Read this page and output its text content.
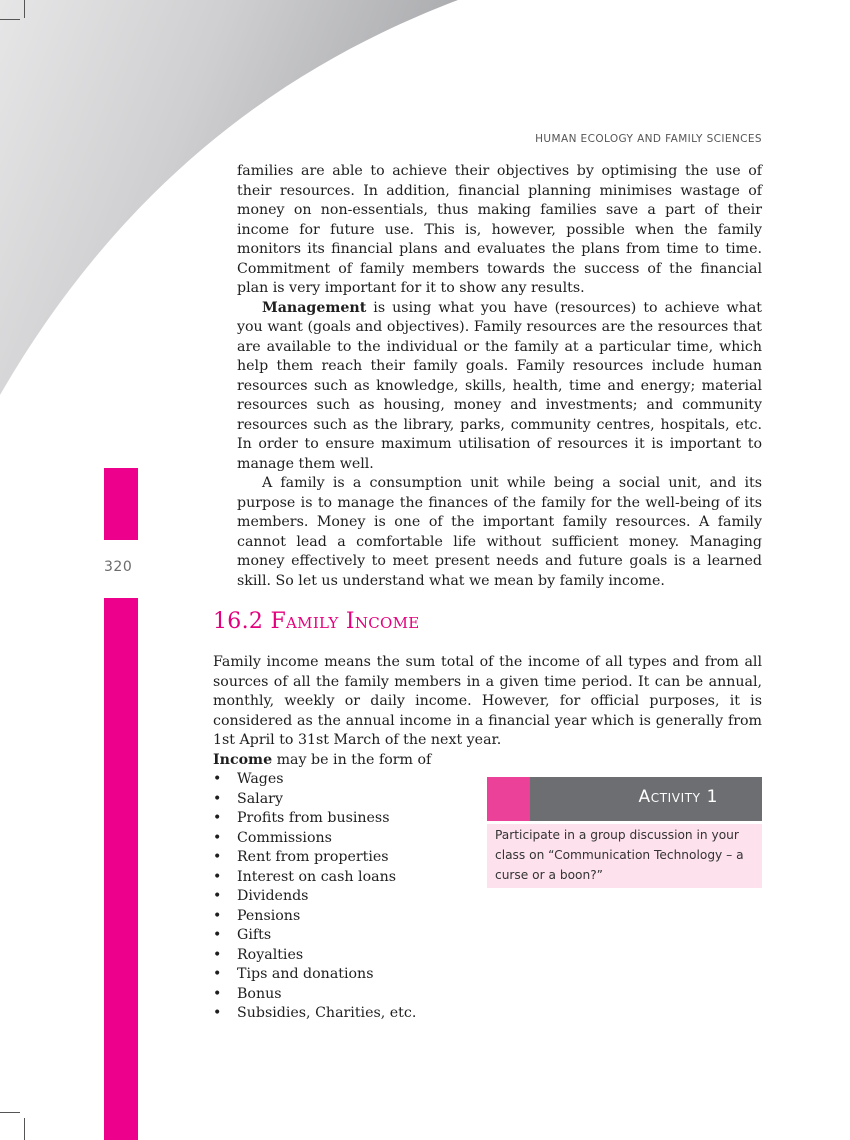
320
HUMAN ECOLOGY AND FAMILY SCIENCES

families are able to achieve their objectives by optimising the use of their resources. In addition, financial planning minimises wastage of money on non-essentials, thus making families save a part of their income for future use. This is, however, possible when the family monitors its financial plans and evaluates the plans from time to time. Commitment of family members towards the success of the financial plan is very important for it to show any results.

Management is using what you have (resources) to achieve what you want (goals and objectives). Family resources are the resources that are available to the individual or the family at a particular time, which help them reach their family goals. Family resources include human resources such as knowledge, skills, health, time and energy; material resources such as housing, money and investments; and community resources such as the library, parks, community centres, hospitals, etc. In order to ensure maximum utilisation of resources it is important to manage them well.

A family is a consumption unit while being a social unit, and its purpose is to manage the finances of the family for the well-being of its members. Money is one of the important family resources. A family cannot lead a comfortable life without sufficient money. Managing money effectively to meet present needs and future goals is a learned skill. So let us understand what we mean by family income.

16.2 Family Income

Family income means the sum total of the income of all types and from all sources of all the family members in a given time period. It can be annual, monthly, weekly or daily income. However, for official purposes, it is considered as the annual income in a financial year which is generally from 1st April to 31st March of the next year.

Income may be in the form of

• Wages
• Salary
• Profits from business
• Commissions
• Rent from properties
• Interest on cash loans
• Dividends
• Pensions
• Gifts
• Royalties
• Tips and donations
• Bonus
• Subsidies, Charities, etc.
Activity 1
Participate in a group discussion in your class on “Communication Technology – a curse or a boon?”
